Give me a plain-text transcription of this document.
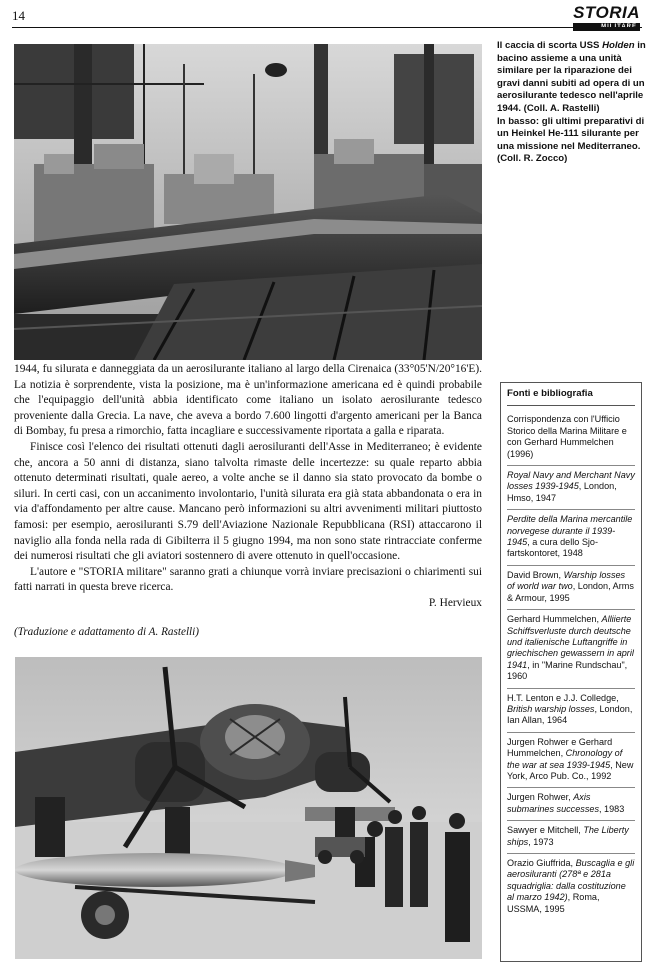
14	STORIA

Il caccia di scorta USS Holden in bacino assieme a una unità similare per la riparazione dei gravi danni subiti ad opera di un aerosilurante tedesco nell'aprile 1944. (Coll. A. Rastelli)

In basso: gli ultimi preparativi di un Heinkel He-111 silurante per una missione nel Mediterraneo. (Coll. R. Zocco)

1944, fu silurata e danneggiata da un aerosilurante italiano al largo della Cirenaica (33°05'N/20°16'E). La notizia è sorprendente, vista la posizione, ma è un'informazione americana ed è quindi probabile che l'equipaggio dell'unità abbia identificato come italiano un isolato aerosilurante tedesco proveniente dalla Grecia. La nave, che aveva a bordo 7.600 lingotti d'argento americani per la Banca di Bombay, fu presa a rimorchio, fatta incagliare e successivamente riportata a galla e riparata.

Finisce così l'elenco dei risultati ottenuti dagli aerosiluranti dell'Asse in Mediterraneo; è evidente che, ancora a 50 anni di distanza, siano talvolta rimaste delle incertezze: su quale reparto abbia ottenuto determinati risultati, quale aereo, a volte anche se il danno sia stato provocato da bombe o siluri. In certi casi, con un accanimento involontario, l'unità silurata era già stata abbandonata o era in via d'affondamento per altre cause. Mancano però informazioni su altri avvenimenti militari piuttosto famosi: per esempio, aerosiluranti S.79 dell'Aviazione Nazionale Repubblicana (RSI) attaccarono il naviglio alla fonda nella rada di Gibilterra il 5 giugno 1994, ma non sono state rintracciate conferme dei numerosi risultati che gli aviatori sostennero di avere ottenuto in quell'occasione.

L'autore e "STORIA militare" saranno grati a chiunque vorrà inviare precisazioni o chiarimenti sui fatti narrati in questa breve ricerca.

P. Hervieux

(Traduzione e adattamento di A. Rastelli)
Fonti e bibliografia

Corrispondenza con l'Ufficio Storico della Marina Militare e con Gerhard Hummelchen (1996)

Royal Navy and Merchant Navy losses 1939-1945, London, Hmso, 1947

Perdite della Marina mercantile norvegese durante il 1939-1945, a cura dello Sjo-fartskontoret, 1948

David Brown, Warship losses of world war two, London, Arms & Armour, 1995

Gerhard Hummelchen, Alliierte Schiffsverluste durch deutsche und italienische Luftangriffe in griechischen gewassern in april 1941, in "Marine Rundschau", 1960

H.T. Lenton e J.J. Colledge, British warship losses, London, Ian Allan, 1964

Jurgen Rohwer e Gerhard Hummelchen, Chronology of the war at sea 1939-1945, New York, Arco Pub. Co., 1992

Jurgen Rohwer, Axis submarines successes, 1983

Sawyer e Mitchell, The Liberty ships, 1973

Orazio Giuffrida, Buscaglia e gli aerosiluranti (278ª e 281a squadriglia: dalla costituzione al marzo 1942), Roma, USSMA, 1995
